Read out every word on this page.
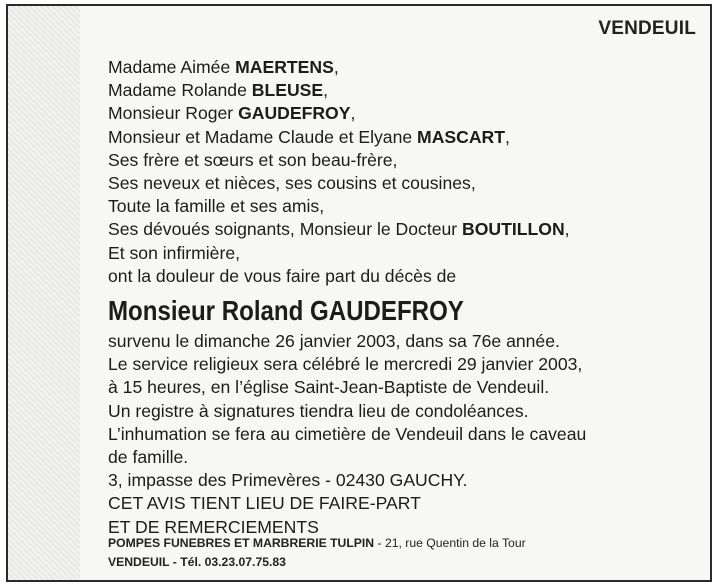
VENDEUIL
Madame Aimée MAERTENS,
Madame Rolande BLEUSE,
Monsieur Roger GAUDEFROY,
Monsieur et Madame Claude et Elyane MASCART,
Ses frère et sœurs et son beau-frère,
Ses neveux et nièces, ses cousins et cousines,
Toute la famille et ses amis,
Ses dévoués soignants, Monsieur le Docteur BOUTILLON,
Et son infirmière,
ont la douleur de vous faire part du décès de
Monsieur Roland GAUDEFROY
survenu le dimanche 26 janvier 2003, dans sa 76e année.
Le service religieux sera célébré le mercredi 29 janvier 2003,
à 15 heures, en l’église Saint-Jean-Baptiste de Vendeuil.
Un registre à signatures tiendra lieu de condoléances.
L’inhumation se fera au cimetière de Vendeuil dans le caveau
de famille.
3, impasse des Primevères - 02430 GAUCHY.
CET AVIS TIENT LIEU DE FAIRE-PART
ET DE REMERCIEMENTS
POMPES FUNEBRES ET MARBRERIE TULPIN - 21, rue Quentin de la Tour
VENDEUIL - Tél. 03.23.07.75.83
